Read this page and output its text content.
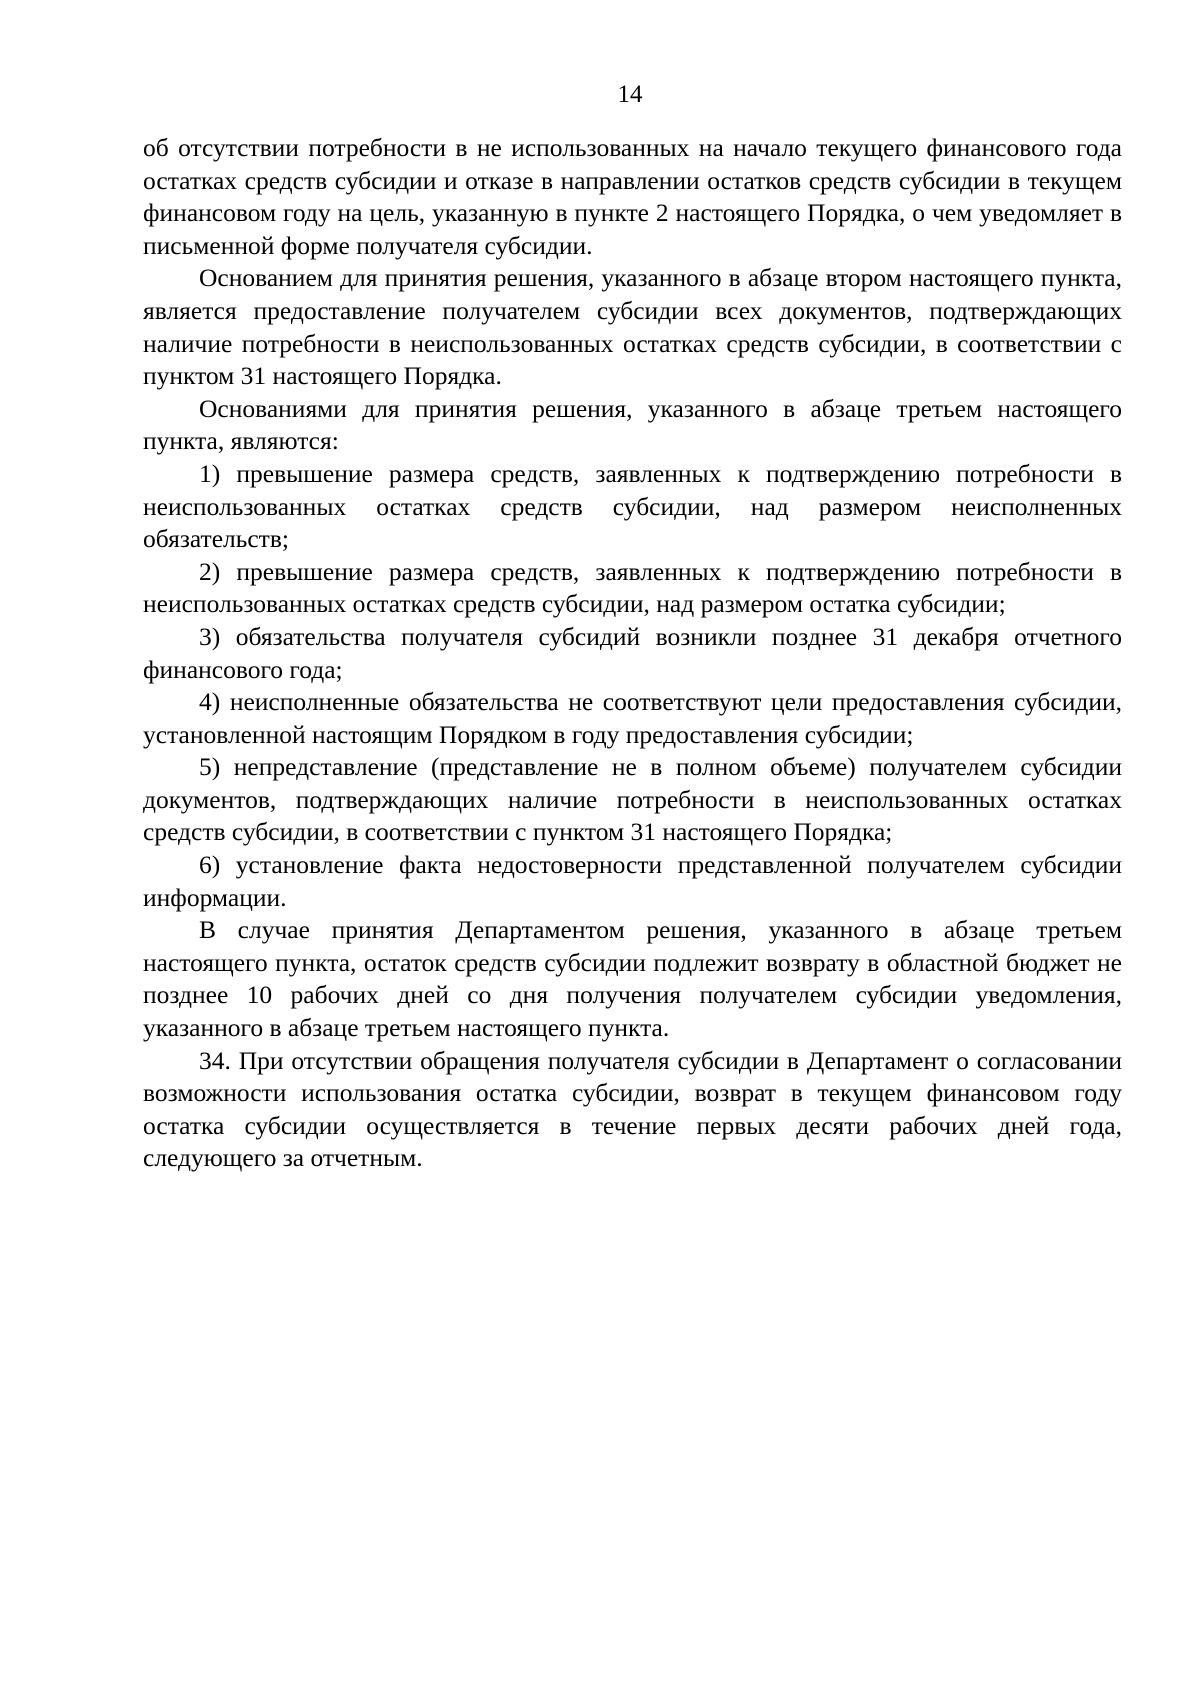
14

об отсутствии потребности в не использованных на начало текущего финансового года остатках средств субсидии и отказе в направлении остатков средств субсидии в текущем финансовом году на цель, указанную в пункте 2 настоящего Порядка, о чем уведомляет в письменной форме получателя субсидии.

Основанием для принятия решения, указанного в абзаце втором настоящего пункта, является предоставление получателем субсидии всех документов, подтверждающих наличие потребности в неиспользованных остатках средств субсидии, в соответствии с пунктом 31 настоящего Порядка.

Основаниями для принятия решения, указанного в абзаце третьем настоящего пункта, являются:

1) превышение размера средств, заявленных к подтверждению потребности в неиспользованных остатках средств субсидии, над размером неисполненных обязательств;

2) превышение размера средств, заявленных к подтверждению потребности в неиспользованных остатках средств субсидии, над размером остатка субсидии;

3) обязательства получателя субсидий возникли позднее 31 декабря отчетного финансового года;

4) неисполненные обязательства не соответствуют цели предоставления субсидии, установленной настоящим Порядком в году предоставления субсидии;

5) непредставление (представление не в полном объеме) получателем субсидии документов, подтверждающих наличие потребности в неиспользованных остатках средств субсидии, в соответствии с пунктом 31 настоящего Порядка;

6) установление факта недостоверности представленной получателем субсидии информации.

В случае принятия Департаментом решения, указанного в абзаце третьем настоящего пункта, остаток средств субсидии подлежит возврату в областной бюджет не позднее 10 рабочих дней со дня получения получателем субсидии уведомления, указанного в абзаце третьем настоящего пункта.

34. При отсутствии обращения получателя субсидии в Департамент о согласовании возможности использования остатка субсидии, возврат в текущем финансовом году остатка субсидии осуществляется в течение первых десяти рабочих дней года, следующего за отчетным.
